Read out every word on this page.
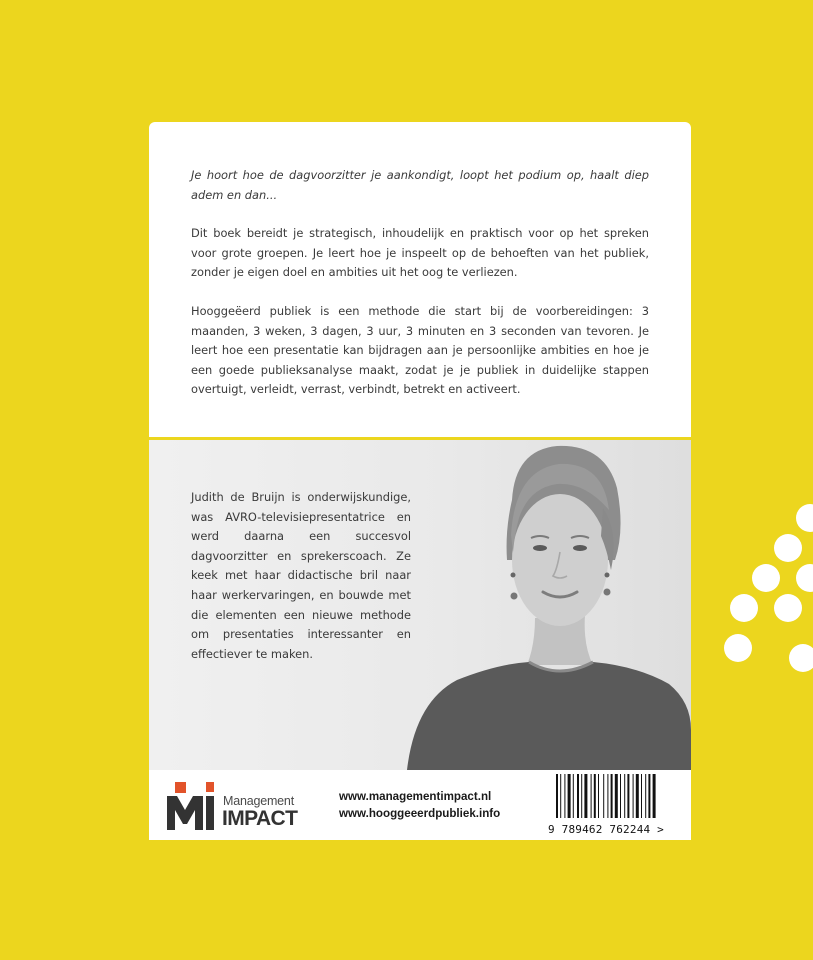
Je hoort hoe de dagvoorzitter je aankondigt, loopt het podium op, haalt diep adem en dan...

Dit boek bereidt je strategisch, inhoudelijk en praktisch voor op het spreken voor grote groepen. Je leert hoe je inspeelt op de behoeften van het publiek, zonder je eigen doel en ambities uit het oog te verliezen.

Hooggeëerd publiek is een methode die start bij de voorbereidingen: 3 maanden, 3 weken, 3 dagen, 3 uur, 3 minuten en 3 seconden van tevoren. Je leert hoe een presentatie kan bijdragen aan je persoonlijke ambities en hoe je een goede publieksanalyse maakt, zodat je je publiek in duidelijke stappen overtuigt, verleidt, verrast, verbindt, betrekt en activeert.

Judith de Bruijn is onderwijskundige, was AVRO-televisiepresentatrice en werd daarna een succesvol dagvoorzitter en sprekerscoach. Ze keek met haar didactische bril naar haar werkervaringen, en bouwde met die elementen een nieuwe methode om presentaties interessanter en effectiever te maken.

Management
IMPACT
www.managementimpact.nl
www.hooggeeerdpubliek.info
9 789462 762244 >
